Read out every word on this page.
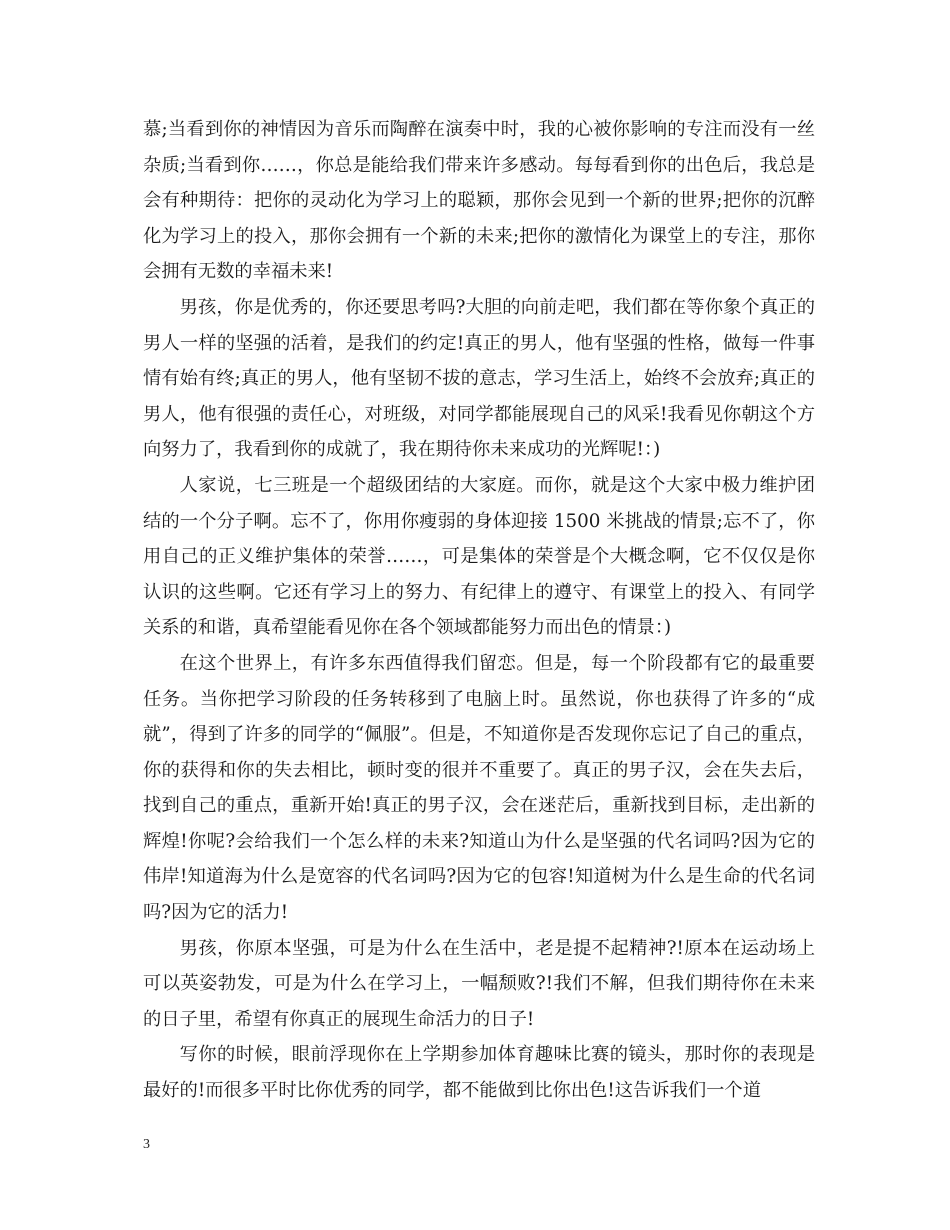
慕;当看到你的神情因为音乐而陶醉在演奏中时，我的心被你影响的专注而没有一丝杂质;当看到你……，你总是能给我们带来许多感动。每每看到你的出色后，我总是会有种期待：把你的灵动化为学习上的聪颖，那你会见到一个新的世界;把你的沉醉化为学习上的投入，那你会拥有一个新的未来;把你的激情化为课堂上的专注，那你会拥有无数的幸福未来!

男孩，你是优秀的，你还要思考吗?大胆的向前走吧，我们都在等你象个真正的男人一样的坚强的活着，是我们的约定!真正的男人，他有坚强的性格，做每一件事情有始有终;真正的男人，他有坚韧不拔的意志，学习生活上，始终不会放弃;真正的男人，他有很强的责任心，对班级，对同学都能展现自己的风采!我看见你朝这个方向努力了，我看到你的成就了，我在期待你未来成功的光辉呢!：)

人家说，七三班是一个超级团结的大家庭。而你，就是这个大家中极力维护团结的一个分子啊。忘不了，你用你瘦弱的身体迎接 1500 米挑战的情景;忘不了，你用自己的正义维护集体的荣誉……，可是集体的荣誉是个大概念啊，它不仅仅是你认识的这些啊。它还有学习上的努力、有纪律上的遵守、有课堂上的投入、有同学关系的和谐，真希望能看见你在各个领域都能努力而出色的情景：)

在这个世界上，有许多东西值得我们留恋。但是，每一个阶段都有它的最重要任务。当你把学习阶段的任务转移到了电脑上时。虽然说，你也获得了许多的“成就”，得到了许多的同学的“佩服”。但是，不知道你是否发现你忘记了自己的重点，你的获得和你的失去相比，顿时变的很并不重要了。真正的男子汉，会在失去后，找到自己的重点，重新开始!真正的男子汉，会在迷茫后，重新找到目标，走出新的辉煌!你呢?会给我们一个怎么样的未来?知道山为什么是坚强的代名词吗?因为它的伟岸!知道海为什么是宽容的代名词吗?因为它的包容!知道树为什么是生命的代名词吗?因为它的活力!

男孩，你原本坚强，可是为什么在生活中，老是提不起精神?!原本在运动场上可以英姿勃发，可是为什么在学习上，一幅颓败?!我们不解，但我们期待你在未来的日子里，希望有你真正的展现生命活力的日子!

写你的时候，眼前浮现你在上学期参加体育趣味比赛的镜头，那时你的表现是最好的!而很多平时比你优秀的同学，都不能做到比你出色!这告诉我们一个道

3
